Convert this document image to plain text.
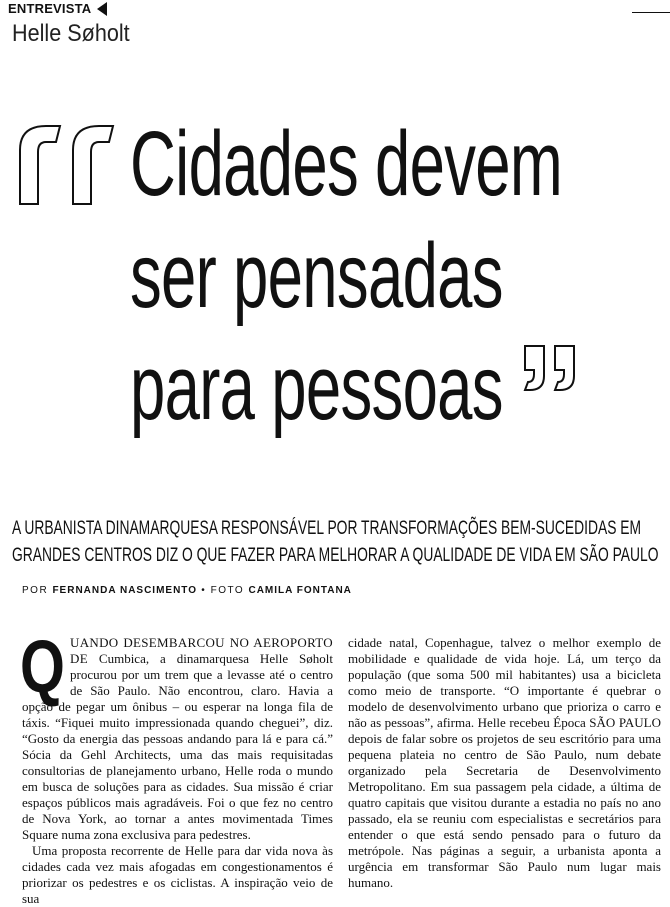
ENTREVISTA
Helle Søholt
Cidades devem
ser pensadas
para pessoas

A URBANISTA DINAMARQUESA RESPONSÁVEL POR TRANSFORMAÇÕES BEM-SUCEDIDAS EM
GRANDES CENTROS DIZ O QUE FAZER PARA MELHORAR A QUALIDADE DE VIDA EM SÃO PAULO

POR FERNANDA NASCIMENTO • FOTO CAMILA FONTANA
Q UANDO DESEMBARCOU NO AEROPORTO DE Cumbica, a dinamarquesa Helle Søholt procurou por um trem que a levasse até o centro de São Paulo. Não encontrou, claro. Havia a opção de pegar um ônibus – ou esperar na longa fila de táxis. “Fiquei muito impressionada quando cheguei”, diz. “Gosto da energia das pessoas andando para lá e para cá.” Sócia da Gehl Architects, uma das mais requisitadas consultorias de planejamento urbano, Helle roda o mundo em busca de soluções para as cidades. Sua missão é criar espaços públicos mais agradáveis. Foi o que fez no centro de Nova York, ao tornar a antes movimentada Times Square numa zona exclusiva para pedestres.

Uma proposta recorrente de Helle para dar vida nova às cidades cada vez mais afogadas em congestionamentos é priorizar os pedestres e os ciclistas. A inspiração veio de sua

cidade natal, Copenhague, talvez o melhor exemplo de mobilidade e qualidade de vida hoje. Lá, um terço da população (que soma 500 mil habitantes) usa a bicicleta como meio de transporte. “O importante é quebrar o modelo de desenvolvimento urbano que prioriza o carro e não as pessoas”, afirma. Helle recebeu Época SÃO PAULO depois de falar sobre os projetos de seu escritório para uma pequena plateia no centro de São Paulo, num debate organizado pela Secretaria de Desenvolvimento Metropolitano. Em sua passagem pela cidade, a última de quatro capitais que visitou durante a estadia no país no ano passado, ela se reuniu com especialistas e secretários para entender o que está sendo pensado para o futuro da metrópole. Nas páginas a seguir, a urbanista aponta a urgência em transformar São Paulo num lugar mais humano.
